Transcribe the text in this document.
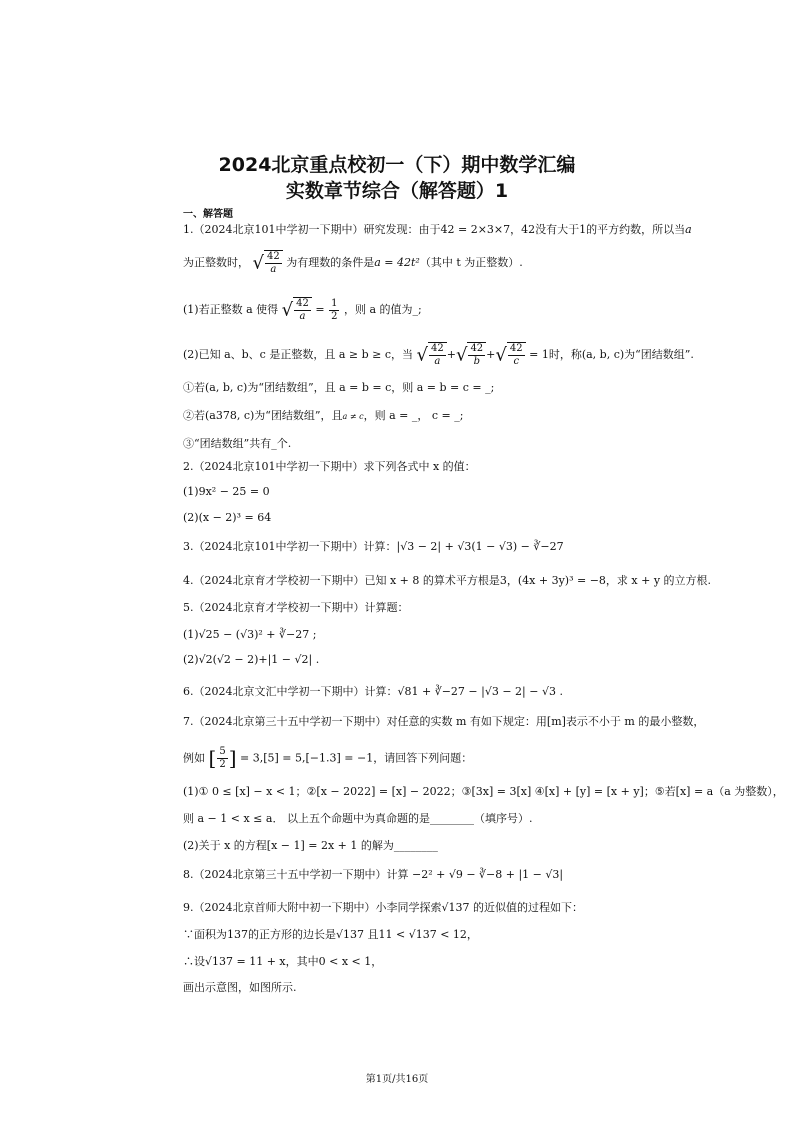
2024北京重点校初一（下）期中数学汇编
实数章节综合（解答题）1
一、解答题
1.（2024北京101中学初一下期中）研究发现：由于42 = 2×3×7，42没有大于1的平方约数，所以当a
为正整数时， √ $\frac{42}{a}$ 为有理数的条件是a = 42t²（其中 t 为正整数）.
(1)若正整数 a 使得 √ $\frac{42}{a} = \frac{1}{2}$ ，则 a 的值为_;
(2)已知 a、b、c 是正整数，且 a ≥ b ≥ c，当 √ $\frac{42}{a}$ +√ $\frac{42}{b}$ +√ $\frac{42}{c} = 1$时，称(a, b, c)为“团结数组”.
①若(a, b, c)为“团结数组”，且 a = b = c，则 a = b = c = _;
②若(a378, c)为“团结数组”，且a ≠ c，则 a = _， c = _;
③“团结数组”共有_个.
2.（2024北京101中学初一下期中）求下列各式中 x 的值：
(1)9x² − 25 = 0
(2)(x − 2)³ = 64
3.（2024北京101中学初一下期中）计算：|√3 − 2| + √3(1 − √3) − ∛−27
4.（2024北京育才学校初一下期中）已知 x + 8 的算术平方根是3，(4x + 3y)³ = −8，求 x + y 的立方根.
5.（2024北京育才学校初一下期中）计算题：
(1)√25 − (√3)² + ∛−27 ;
(2)√2(√2 − 2)+|1 − √2| .
6.（2024北京文汇中学初一下期中）计算：√81 + ∛−27 − |√3 − 2| − √3 .
7.（2024北京第三十五中学初一下期中）对任意的实数 m 有如下规定：用[m]表示不小于 m 的最小整数，
例如 [ $\frac{5}{2}$ ] = 3,[5] = 5,[−1.3] = −1，请回答下列问题：
(1)① 0 ≤ [x] − x < 1；②[x − 2022] = [x] − 2022；③[3x] = 3[x] ④[x] + [y] = [x + y]；⑤若[x] = a（a 为整数），
则 a − 1 < x ≤ a． 以上五个命题中为真命题的是________（填序号）.
(2)关于 x 的方程[x − 1] = 2x + 1 的解为________
8.（2024北京第三十五中学初一下期中）计算 −2² + √9 − ∛−8 + |1 − √3|
9.（2024北京首师大附中初一下期中）小李同学探索√137 的近似值的过程如下：
∵面积为137的正方形的边长是√137 且11 < √137 < 12，
∴设√137 = 11 + x，其中0 < x < 1，
画出示意图，如图所示.
第1页/共16页
